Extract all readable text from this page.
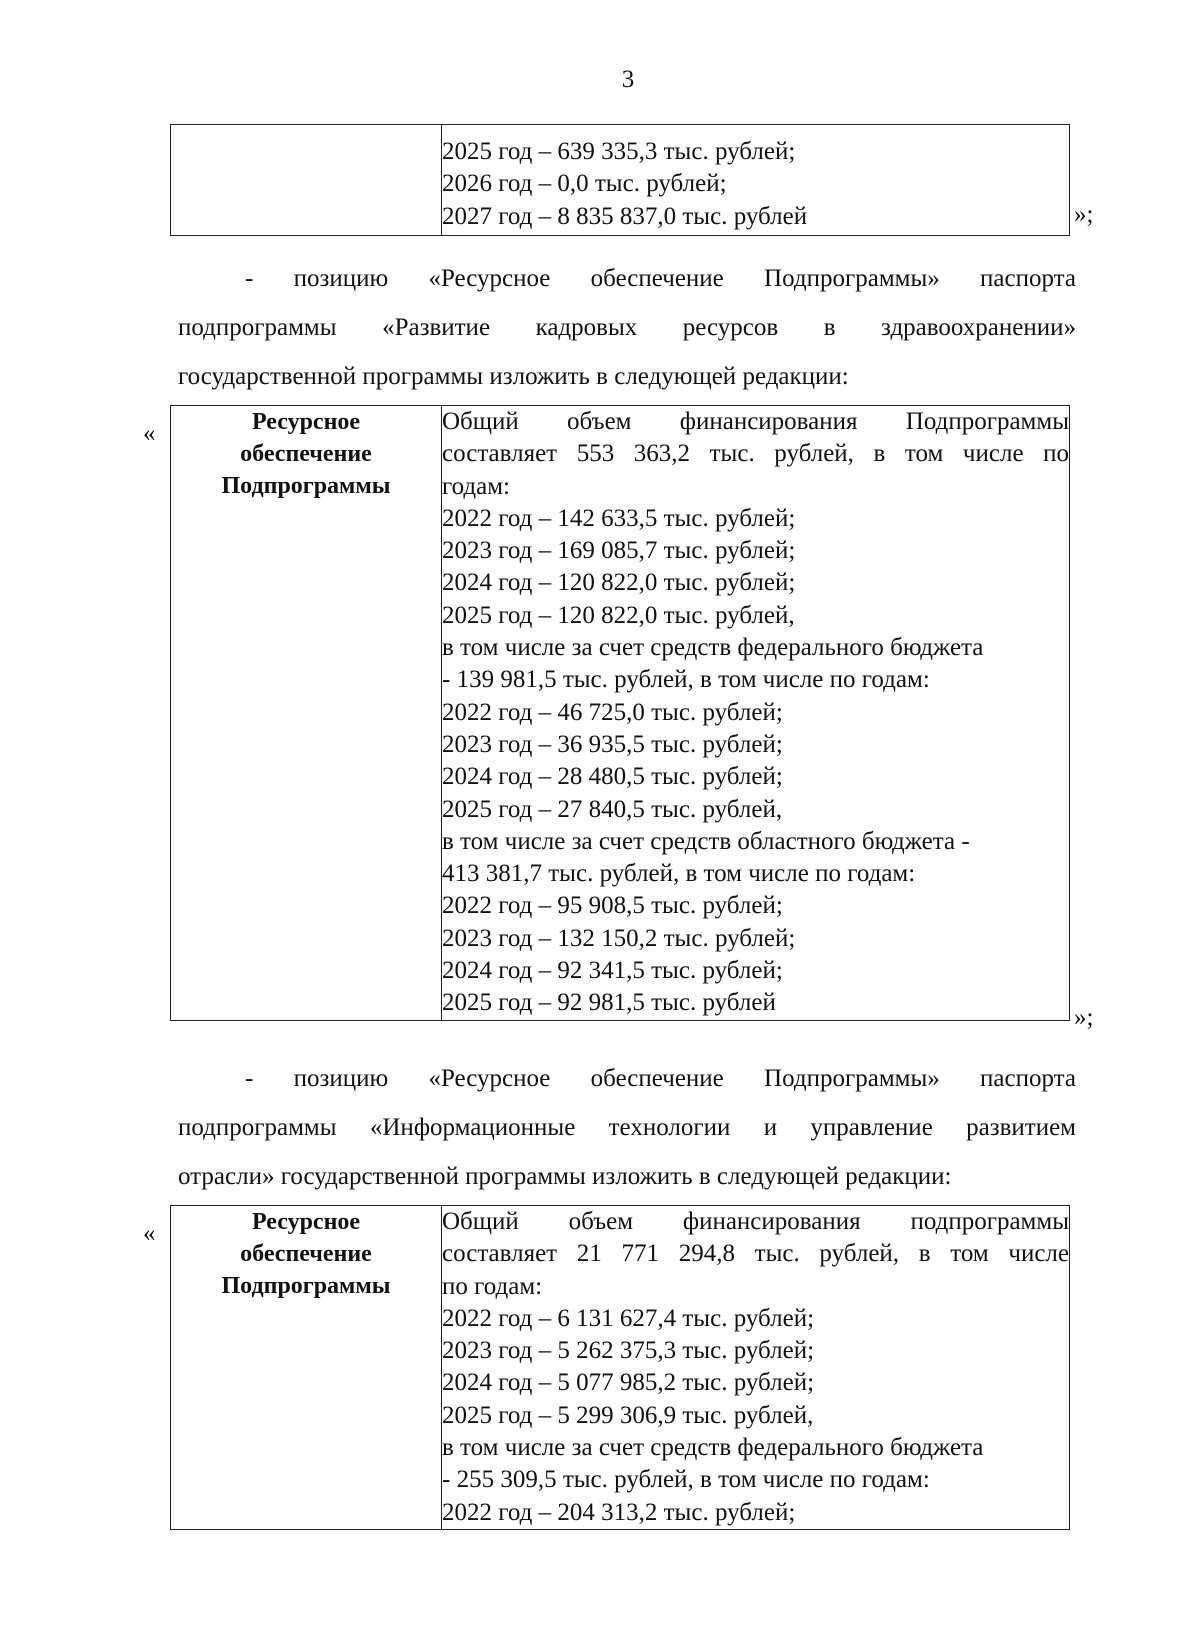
3

2025 год – 639 335,3 тыс. рублей;
2026 год – 0,0 тыс. рублей;
2027 год – 8 835 837,0 тыс. рублей	»;
- позицию «Ресурсное обеспечение Подпрограммы» паспорта
подпрограммы «Развитие кадровых ресурсов в здравоохранении»
государственной программы изложить в следующей редакции:
«	Ресурсное
обеспечение
Подпрограммы

Общий объем финансирования Подпрограммы
составляет 553 363,2 тыс. рублей, в том числе по
годам:
2022 год – 142 633,5 тыс. рублей;
2023 год – 169 085,7 тыс. рублей;
2024 год – 120 822,0 тыс. рублей;
2025 год – 120 822,0 тыс. рублей,
в том числе за счет средств федерального бюджета
- 139 981,5 тыс. рублей, в том числе по годам:
2022 год – 46 725,0 тыс. рублей;
2023 год – 36 935,5 тыс. рублей;
2024 год – 28 480,5 тыс. рублей;
2025 год – 27 840,5 тыс. рублей,
в том числе за счет средств областного бюджета -
413 381,7 тыс. рублей, в том числе по годам:
2022 год – 95 908,5 тыс. рублей;
2023 год – 132 150,2 тыс. рублей;
2024 год – 92 341,5 тыс. рублей;
2025 год – 92 981,5 тыс. рублей
»;
- позицию «Ресурсное обеспечение Подпрограммы» паспорта
подпрограммы «Информационные технологии и управление развитием
отрасли» государственной программы изложить в следующей редакции:
«	Ресурсное
обеспечение
Подпрограммы

Общий объем финансирования подпрограммы
составляет 21 771 294,8 тыс. рублей, в том числе
по годам:
2022 год – 6 131 627,4 тыс. рублей;
2023 год – 5 262 375,3 тыс. рублей;
2024 год – 5 077 985,2 тыс. рублей;
2025 год – 5 299 306,9 тыс. рублей,
в том числе за счет средств федерального бюджета
- 255 309,5 тыс. рублей, в том числе по годам:
2022 год – 204 313,2 тыс. рублей;
